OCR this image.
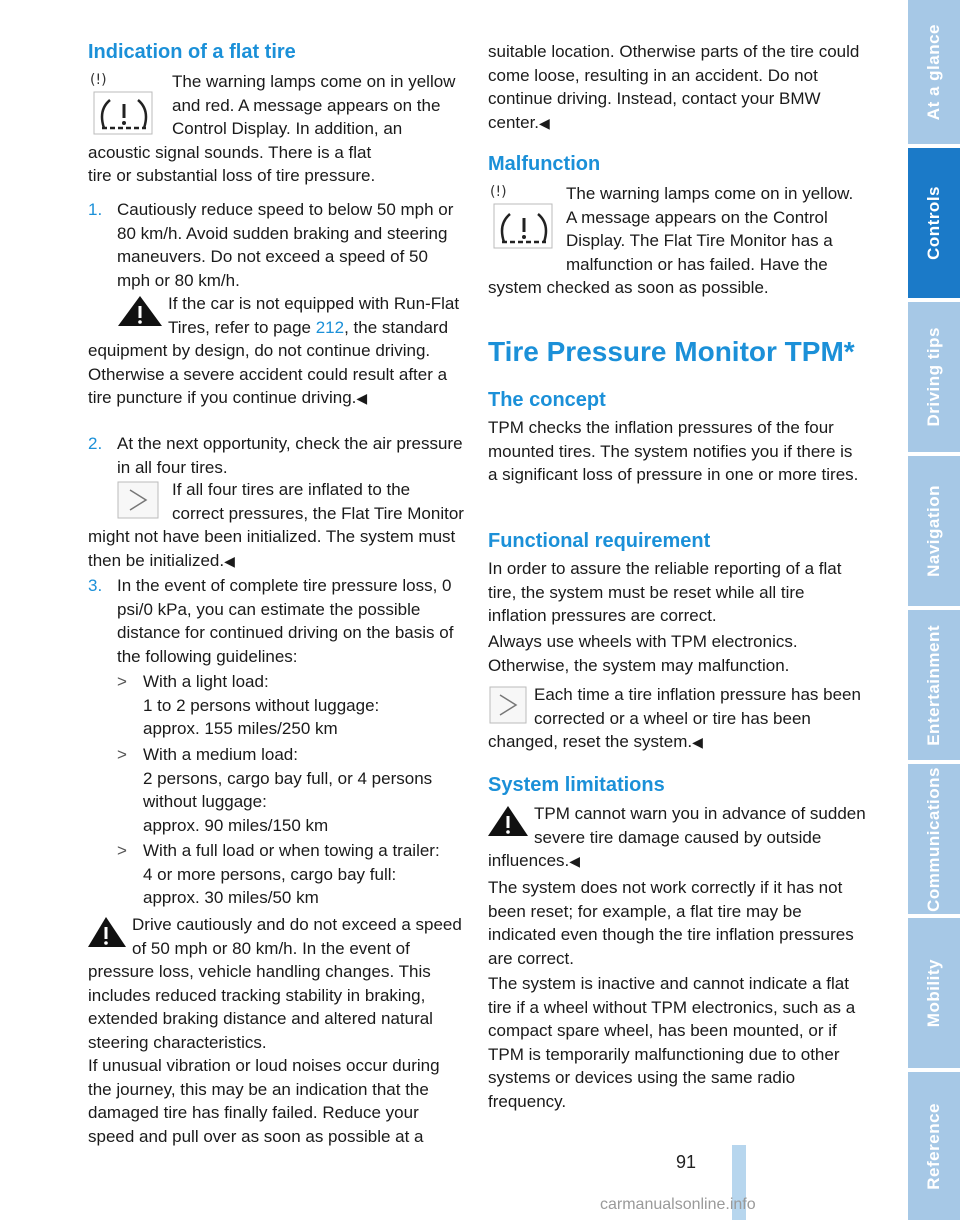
Indication of a flat tire
(!)	The warning lamps come on in yellow and red. A message appears on the Control Display. In addition, an acoustic signal sounds. There is a flat

tire or substantial loss of tire pressure.

1. Cautiously reduce speed to below 50 mph or 80 km/h. Avoid sudden braking and steering maneuvers. Do not exceed a speed of 50 mph or 80 km/h.

If the car is not equipped with Run-Flat Tires, refer to page 212, the standard equipment by design, do not continue driving. Otherwise a severe accident could result after a tire puncture if you continue driving.◀

2. At the next opportunity, check the air pressure in all four tires.

If all four tires are inflated to the correct pressures, the Flat Tire Monitor might not have been initialized. The system must then be initialized.◀

3. In the event of complete tire pressure loss, 0 psi/0 kPa, you can estimate the possible distance for continued driving on the basis of the following guidelines:
> With a light load:
1 to 2 persons without luggage:
approx. 155 miles/250 km
> With a medium load:
2 persons, cargo bay full, or 4 persons without luggage:
approx. 90 miles/150 km
> With a full load or when towing a trailer:
4 or more persons, cargo bay full:
approx. 30 miles/50 km

Drive cautiously and do not exceed a speed of 50 mph or 80 km/h. In the event of pressure loss, vehicle handling changes. This includes reduced tracking stability in braking, extended braking distance and altered natural steering characteristics.

If unusual vibration or loud noises occur during the journey, this may be an indication that the damaged tire has finally failed. Reduce your speed and pull over as soon as possible at a

suitable location. Otherwise parts of the tire could come loose, resulting in an accident. Do not continue driving. Instead, contact your BMW center.◀

Malfunction
(!)	The warning lamps come on in yellow. A message appears on the Control Display. The Flat Tire Monitor has a malfunction or has failed. Have the

system checked as soon as possible.

Tire Pressure Monitor TPM*
The concept

TPM checks the inflation pressures of the four mounted tires. The system notifies you if there is a significant loss of pressure in one or more tires.

Functional requirement

In order to assure the reliable reporting of a flat tire, the system must be reset while all tire inflation pressures are correct.

Always use wheels with TPM electronics. Otherwise, the system may malfunction.

Each time a tire inflation pressure has been corrected or a wheel or tire has been changed, reset the system.◀

System limitations

TPM cannot warn you in advance of sudden severe tire damage caused by outside influences.◀

The system does not work correctly if it has not been reset; for example, a flat tire may be indicated even though the tire inflation pressures are correct.

The system is inactive and cannot indicate a flat tire if a wheel without TPM electronics, such as a compact spare wheel, has been mounted, or if TPM is temporarily malfunctioning due to other systems or devices using the same radio frequency.

At a glance
Controls
Driving tips
Navigation
Entertainment
Communications
Mobility
Reference
91
carmanualsonline.info
